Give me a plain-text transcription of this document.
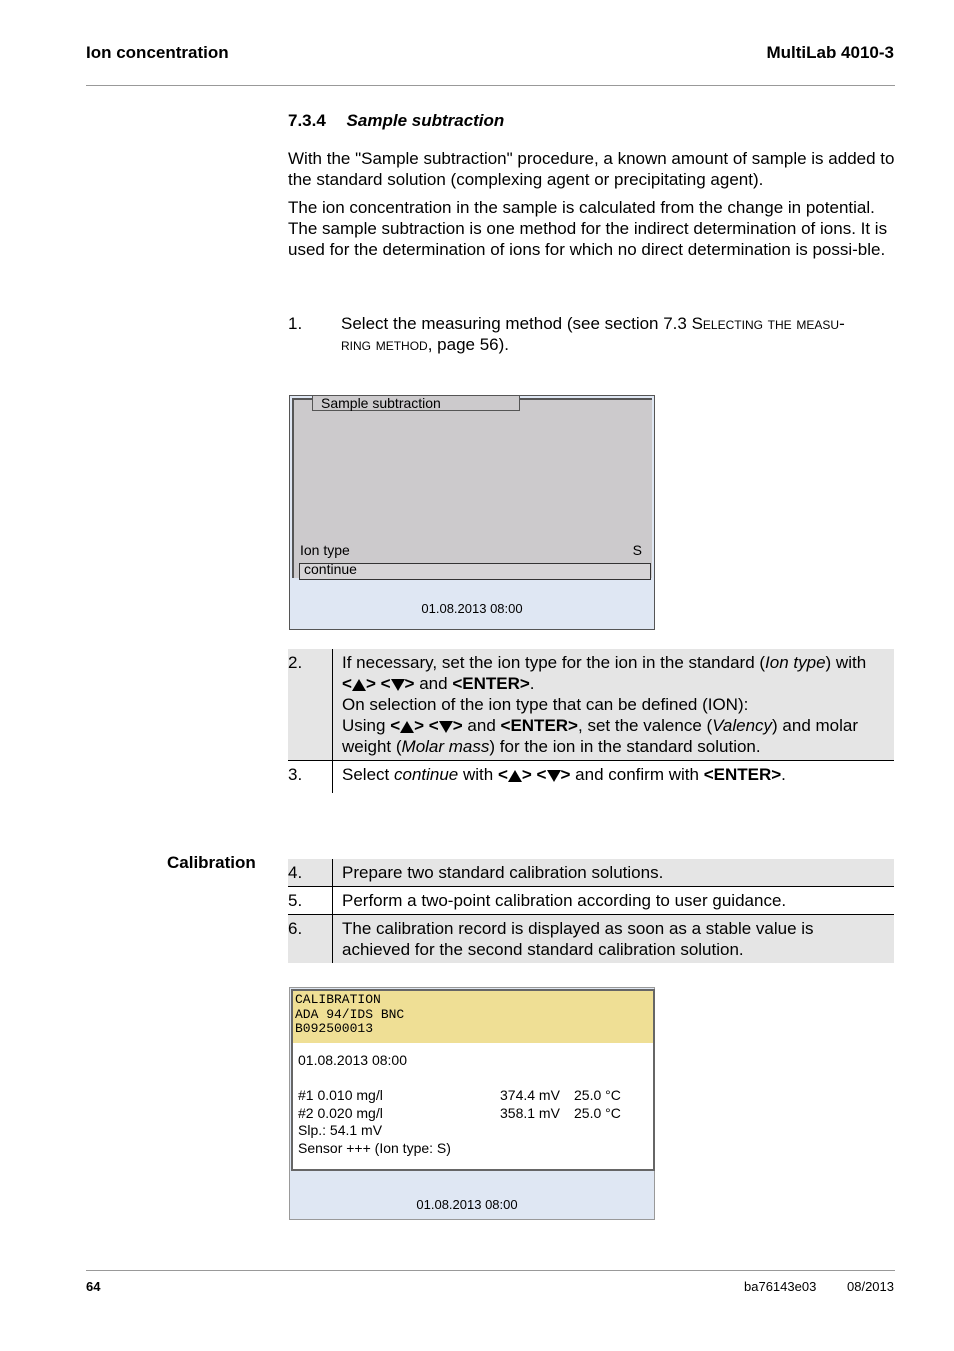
Ion concentration	MultiLab 4010-3
7.3.4 Sample subtraction
With the "Sample subtraction" procedure, a known amount of sample is added to the standard solution (complexing agent or precipitating agent).
The ion concentration in the sample is calculated from the change in potential. The sample subtraction is one method for the indirect determination of ions. It is used for the determination of ions for which no direct determination is possi-ble.
1. Select the measuring method (see section 7.3 Selecting the measu-
ring method, page 56).
Sample subtraction
Ion type	S
continue
01.08.2013 08:00
2.	If necessary, set the ion type for the ion in the standard (Ion type) with
< > < > and <ENTER>.
On selection of the ion type that can be defined (ION):
Using < > < > and <ENTER>, set the valence (Valency) and molar
weight (Molar mass) for the ion in the standard solution.
3.	Select continue with < > < > and confirm with <ENTER>.
Calibration
4.	Prepare two standard calibration solutions.
5.	Perform a two-point calibration according to user guidance.
6.	The calibration record is displayed as soon as a stable value is
achieved for the second standard calibration solution.
CALIBRATION
ADA 94/IDS BNC
B092500013
01.08.2013 08:00
#1 0.010 mg/l	374.4 mV 25.0 °C
#2 0.020 mg/l	358.1 mV 25.0 °C
Slp.: 54.1 mV
Sensor +++ (Ion type: S)
01.08.2013 08:00
64	ba76143e03 08/2013
